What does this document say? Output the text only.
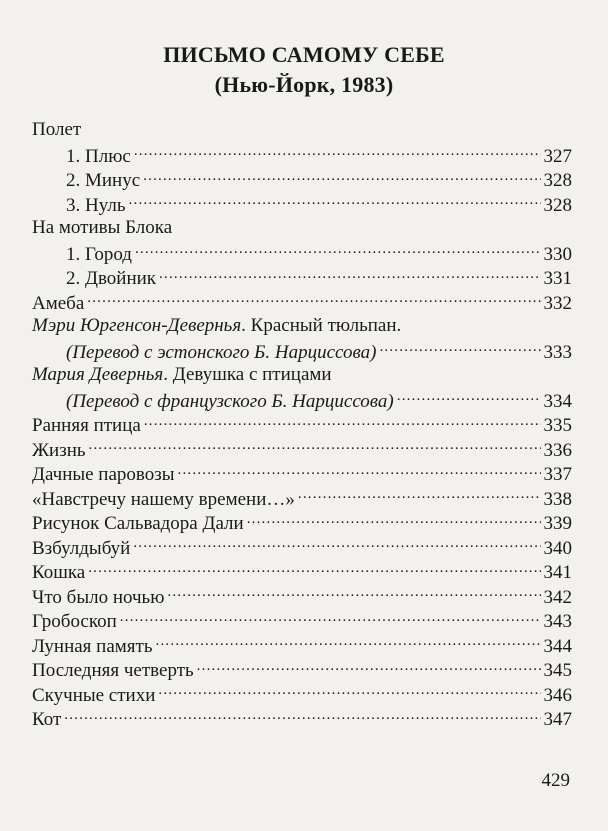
ПИСЬМО САМОМУ СЕБЕ
(Нью-Йорк, 1983)
Полет
1. Плюс .....	327
2. Минус .....	328
3. Нуль .....	328
На мотивы Блока
1. Город .....	330
2. Двойник .....	331
Амеба .....	332
Мэри Юргенсон-Девернья. Красный тюльпан.
(Перевод с эстонского Б. Нарциссова) .....	333
Мария Девернья. Девушка с птицами
(Перевод с французского Б. Нарциссова) .....	334
Ранняя птица .....	335
Жизнь .....	336
Дачные паровозы .....	337
«Навстречу нашему времени…» .....	338
Рисунок Сальвадора Дали .....	339
Взбулдыбуй .....	340
Кошка .....	341
Что было ночью .....	342
Гробоскоп .....	343
Лунная память .....	344
Последняя четверть .....	345
Скучные стихи .....	346
Кот .....	347
429
